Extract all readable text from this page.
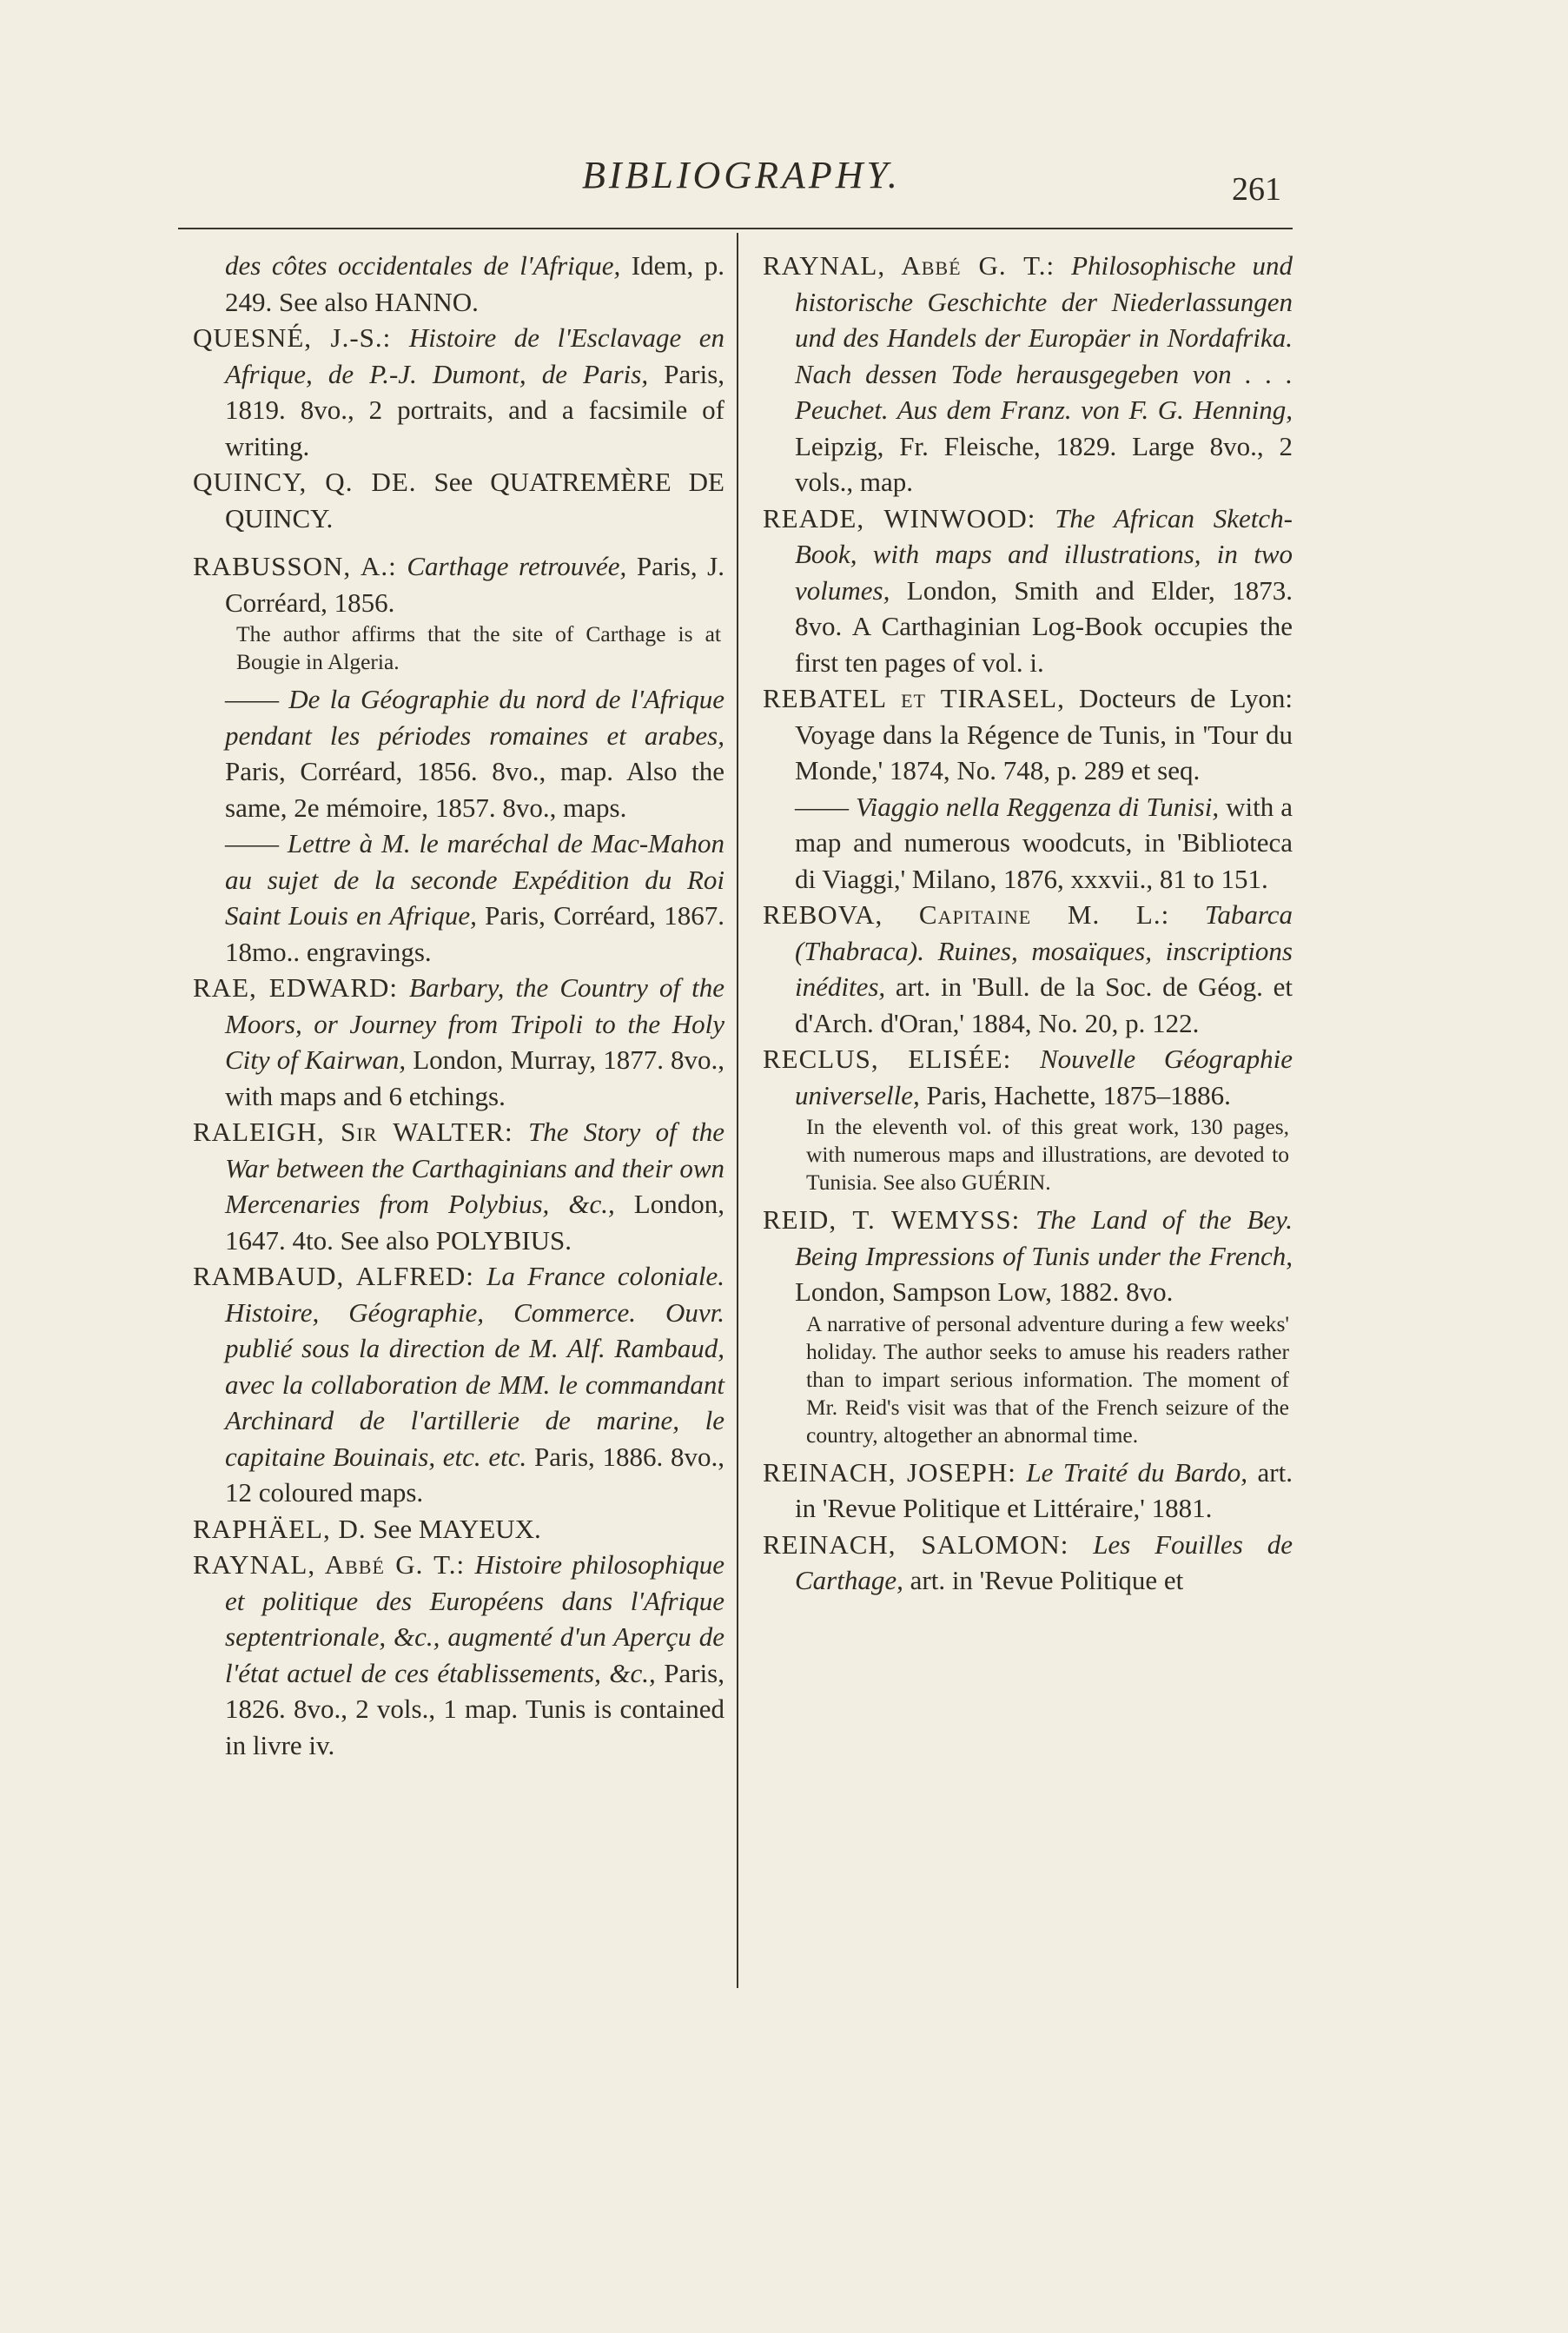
BIBLIOGRAPHY.	261

des côtes occidentales de l'Afrique, Idem, p. 249. See also HANNO.

QUESNÉ, J.-S.: Histoire de l'Esclavage en Afrique, de P.-J. Dumont, de Paris, Paris, 1819. 8vo., 2 portraits, and a facsimile of writing.

QUINCY, Q. DE. See QUATREMÈRE DE QUINCY.

RABUSSON, A.: Carthage retrouvée, Paris, J. Corréard, 1856.

The author affirms that the site of Carthage is at Bougie in Algeria.

—— De la Géographie du nord de l'Afrique pendant les périodes romaines et arabes, Paris, Corréard, 1856. 8vo., map. Also the same, 2e mémoire, 1857. 8vo., maps.

—— Lettre à M. le maréchal de Mac-Mahon au sujet de la seconde Expédition du Roi Saint Louis en Afrique, Paris, Corréard, 1867. 18mo.. engravings.

RAE, EDWARD: Barbary, the Country of the Moors, or Journey from Tripoli to the Holy City of Kairwan, London, Murray, 1877. 8vo., with maps and 6 etchings.

RALEIGH, Sir WALTER: The Story of the War between the Carthaginians and their own Mercenaries from Polybius, &c., London, 1647. 4to. See also POLYBIUS.

RAMBAUD, ALFRED: La France coloniale. Histoire, Géographie, Commerce. Ouvr. publié sous la direction de M. Alf. Rambaud, avec la collaboration de MM. le commandant Archinard de l'artillerie de marine, le capitaine Bouinais, etc. etc. Paris, 1886. 8vo., 12 coloured maps.

RAPHÄEL, D. See MAYEUX.

RAYNAL, Abbé G. T.: Histoire philosophique et politique des Européens dans l'Afrique septentrionale, &c., augmenté d'un Aperçu de l'état actuel de ces établissements, &c., Paris, 1826. 8vo., 2 vols., 1 map. Tunis is contained in livre iv.

RAYNAL, Abbé G. T.: Philosophische und historische Geschichte der Niederlassungen und des Handels der Europäer in Nordafrika. Nach dessen Tode herausgegeben von . . . Peuchet. Aus dem Franz. von F. G. Henning, Leipzig, Fr. Fleische, 1829. Large 8vo., 2 vols., map.

READE, WINWOOD: The African Sketch-Book, with maps and illustrations, in two volumes, London, Smith and Elder, 1873. 8vo. A Carthaginian Log-Book occupies the first ten pages of vol. i.

REBATEL et TIRASEL, Docteurs de Lyon: Voyage dans la Régence de Tunis, in 'Tour du Monde,' 1874, No. 748, p. 289 et seq.

—— Viaggio nella Reggenza di Tunisi, with a map and numerous woodcuts, in 'Biblioteca di Viaggi,' Milano, 1876, xxxvii., 81 to 151.

REBOVA, Capitaine M. L.: Tabarca (Thabraca). Ruines, mosaïques, inscriptions inédites, art. in 'Bull. de la Soc. de Géog. et d'Arch. d'Oran,' 1884, No. 20, p. 122.

RECLUS, ELISÉE: Nouvelle Géographie universelle, Paris, Hachette, 1875–1886.

In the eleventh vol. of this great work, 130 pages, with numerous maps and illustrations, are devoted to Tunisia. See also GUÉRIN.

REID, T. WEMYSS: The Land of the Bey. Being Impressions of Tunis under the French, London, Sampson Low, 1882. 8vo.

A narrative of personal adventure during a few weeks' holiday. The author seeks to amuse his readers rather than to impart serious information. The moment of Mr. Reid's visit was that of the French seizure of the country, altogether an abnormal time.

REINACH, JOSEPH: Le Traité du Bardo, art. in 'Revue Politique et Littéraire,' 1881.

REINACH, SALOMON: Les Fouilles de Carthage, art. in 'Revue Politique et
